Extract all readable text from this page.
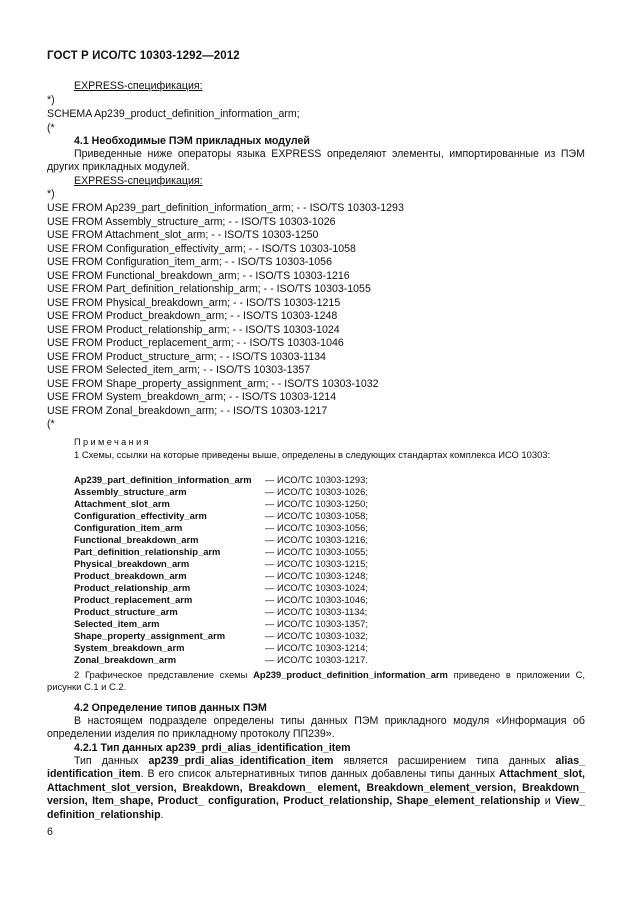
ГОСТ Р ИСО/ТС 10303-1292—2012
EXPRESS-спецификация:
*)
SCHEMA Ap239_product_definition_information_arm;
(*
4.1 Необходимые ПЭМ прикладных модулей
Приведенные ниже операторы языка EXPRESS определяют элементы, импортированные из ПЭМ других прикладных модулей.
EXPRESS-спецификация:
*)
USE FROM Ap239_part_definition_information_arm; - - ISO/TS 10303-1293
USE FROM Assembly_structure_arm; - - ISO/TS 10303-1026
USE FROM Attachment_slot_arm; - - ISO/TS 10303-1250
USE FROM Configuration_effectivity_arm; - - ISO/TS 10303-1058
USE FROM Configuration_item_arm; - - ISO/TS 10303-1056
USE FROM Functional_breakdown_arm; - - ISO/TS 10303-1216
USE FROM Part_definition_relationship_arm; - - ISO/TS 10303-1055
USE FROM Physical_breakdown_arm; - - ISO/TS 10303-1215
USE FROM Product_breakdown_arm; - - ISO/TS 10303-1248
USE FROM Product_relationship_arm; - - ISO/TS 10303-1024
USE FROM Product_replacement_arm; - - ISO/TS 10303-1046
USE FROM Product_structure_arm; - - ISO/TS 10303-1134
USE FROM Selected_item_arm; - - ISO/TS 10303-1357
USE FROM Shape_property_assignment_arm; - - ISO/TS 10303-1032
USE FROM System_breakdown_arm; - - ISO/TS 10303-1214
USE FROM Zonal_breakdown_arm; - - ISO/TS 10303-1217
(*
Примечания
1 Схемы, ссылки на которые приведены выше, определены в следующих стандартах комплекса ИСО 10303:
Ap239_part_definition_information_arm — ИСО/ТС 10303-1293;
Assembly_structure_arm	— ИСО/ТС 10303-1026;
Attachment_slot_arm	— ИСО/ТС 10303-1250;
Configuration_effectivity_arm	— ИСО/ТС 10303-1058;
Configuration_item_arm	— ИСО/ТС 10303-1056;
Functional_breakdown_arm	— ИСО/ТС 10303-1216;
Part_definition_relationship_arm	— ИСО/ТС 10303-1055;
Physical_breakdown_arm	— ИСО/ТС 10303-1215;
Product_breakdown_arm	— ИСО/ТС 10303-1248;
Product_relationship_arm	— ИСО/ТС 10303-1024;
Product_replacement_arm	— ИСО/ТС 10303-1046;
Product_structure_arm	— ИСО/ТС 10303-1134;
Selected_item_arm	— ИСО/ТС 10303-1357;
Shape_property_assignment_arm	— ИСО/ТС 10303-1032;
System_breakdown_arm	— ИСО/ТС 10303-1214;
Zonal_breakdown_arm	— ИСО/ТС 10303-1217.
2 Графическое представление схемы Ap239_product_definition_information_arm приведено в приложении С, рисунки С.1 и С.2.
4.2 Определение типов данных ПЭМ
В настоящем подразделе определены типы данных ПЭМ прикладного модуля «Информация об определении изделия по прикладному протоколу ПП239».
4.2.1 Тип данных ap239_prdi_alias_identification_item
Тип данных ap239_prdi_alias_identification_item является расширением типа данных alias_ identification_item. В его список альтернативных типов данных добавлены типы данных Attachment_slot, Attachment_slot_version, Breakdown, Breakdown_ element, Breakdown_element_version, Breakdown_ version, Item_shape, Product_ configuration, Product_relationship, Shape_element_relationship и View_ definition_relationship.
6
